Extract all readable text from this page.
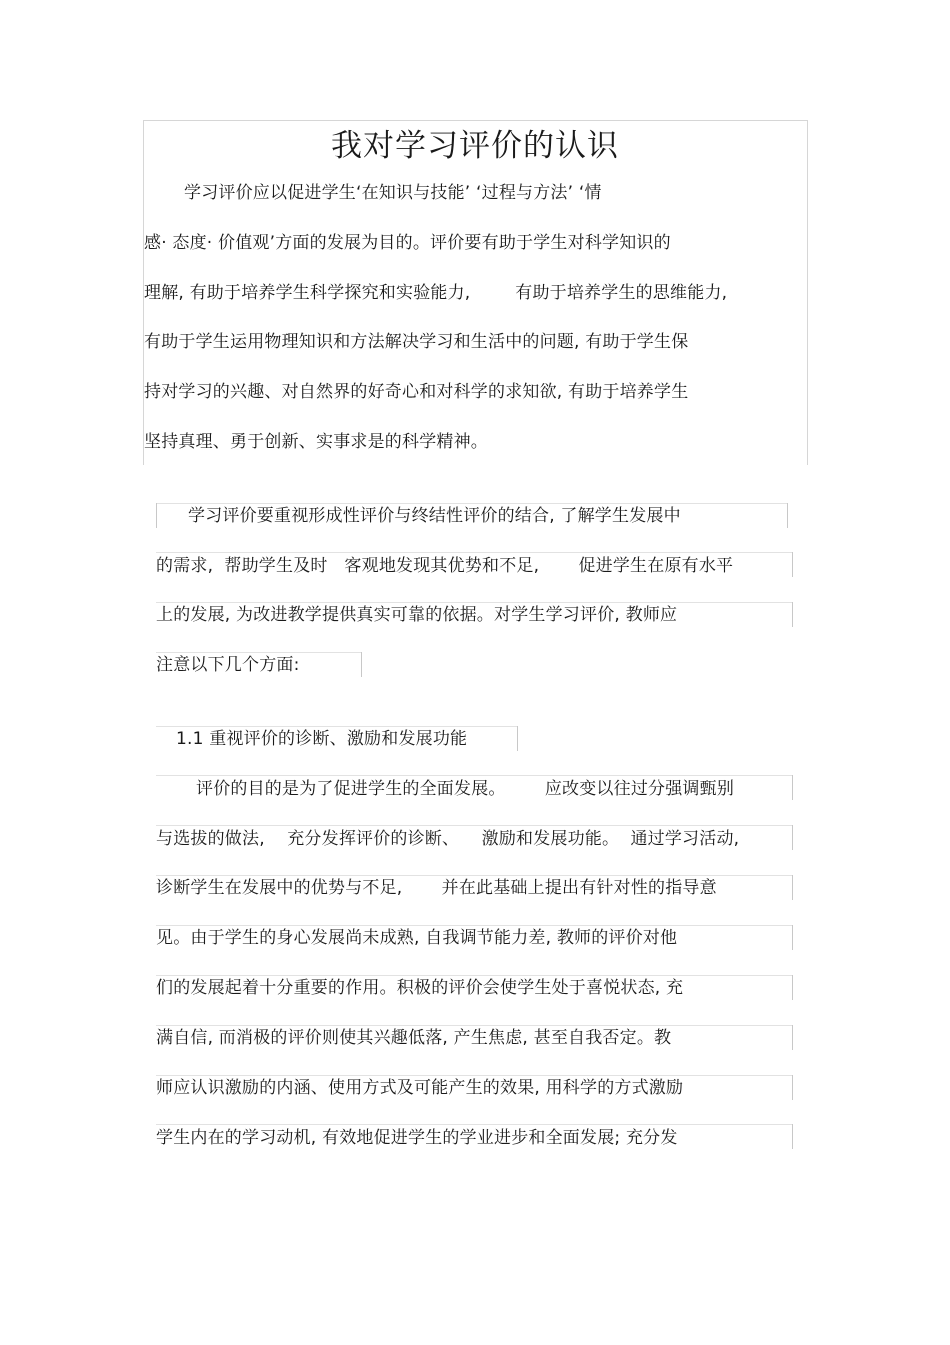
我对学习评价的认识
学习评价应以促进学生‘在知识与技能’ ‘过程与方法’ ‘情
感· 态度· 价值观’方面的发展为目的。评价要有助于学生对科学知识的
理解, 有助于培养学生科学探究和实验能力,        有助于培养学生的思维能力,
有助于学生运用物理知识和方法解决学习和生活中的问题, 有助于学生保
持对学习的兴趣、对自然界的好奇心和对科学的求知欲, 有助于培养学生
坚持真理、勇于创新、实事求是的科学精神。
学习评价要重视形成性评价与终结性评价的结合, 了解学生发展中
的需求,  帮助学生及时   客观地发现其优势和不足,       促进学生在原有水平
上的发展, 为改进教学提供真实可靠的依据。对学生学习评价, 教师应
注意以下几个方面:
1.1 重视评价的诊断、激励和发展功能
评价的目的是为了促进学生的全面发展。       应改变以往过分强调甄别
与选拔的做法,    充分发挥评价的诊断、    激励和发展功能。  通过学习活动,
诊断学生在发展中的优势与不足,       并在此基础上提出有针对性的指导意
见。由于学生的身心发展尚未成熟, 自我调节能力差, 教师的评价对他
们的发展起着十分重要的作用。积极的评价会使学生处于喜悦状态, 充
满自信, 而消极的评价则使其兴趣低落, 产生焦虑, 甚至自我否定。教
师应认识激励的内涵、使用方式及可能产生的效果, 用科学的方式激励
学生内在的学习动机, 有效地促进学生的学业进步和全面发展; 充分发
